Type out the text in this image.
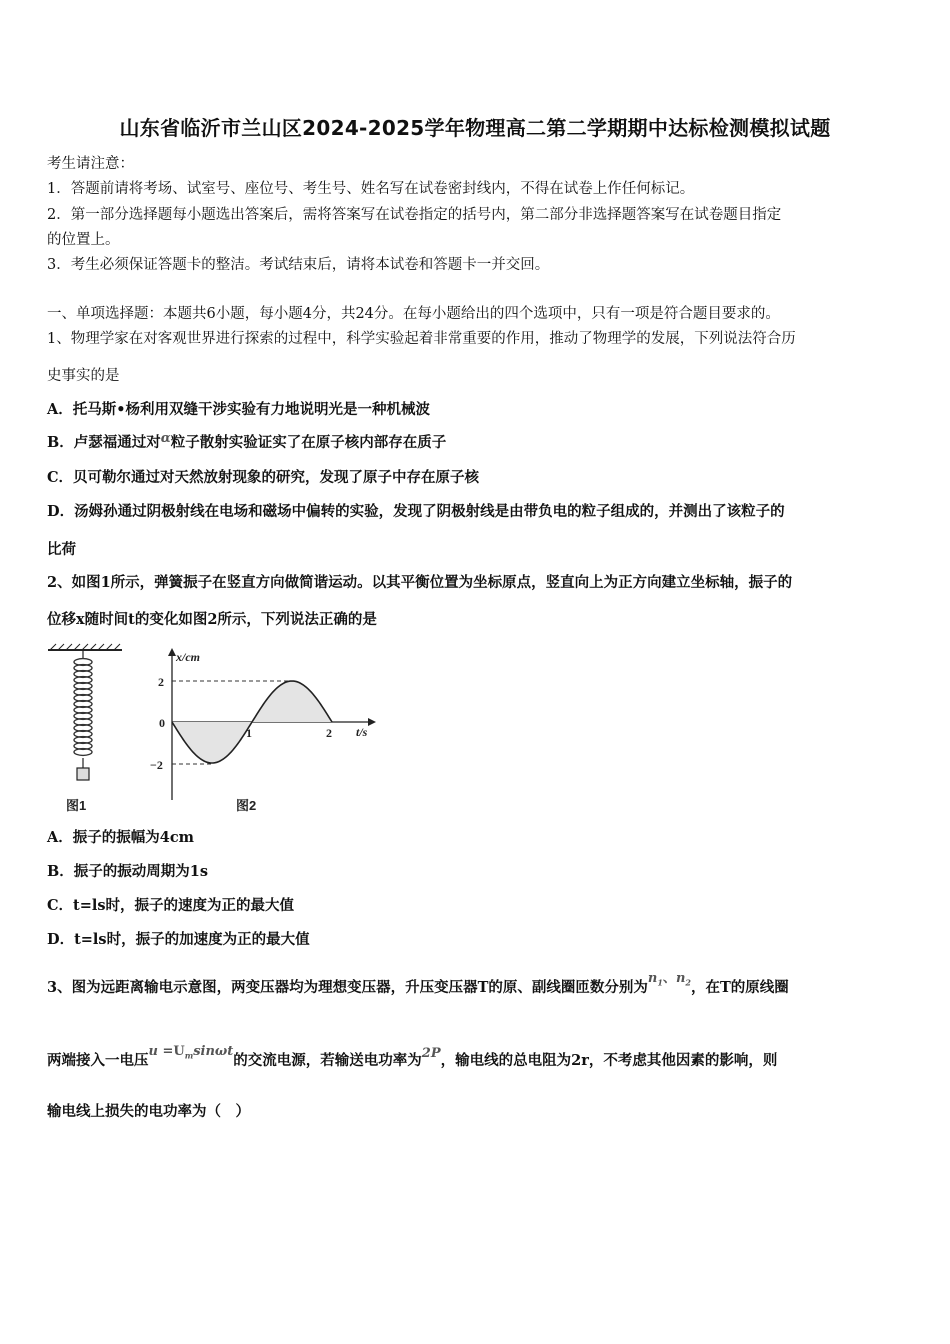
山东省临沂市兰山区2024-2025学年物理高二第二学期期中达标检测模拟试题
考生请注意：
1．答题前请将考场、试室号、座位号、考生号、姓名写在试卷密封线内，不得在试卷上作任何标记。
2．第一部分选择题每小题选出答案后，需将答案写在试卷指定的括号内，第二部分非选择题答案写在试卷题目指定
的位置上。
3．考生必须保证答题卡的整洁。考试结束后，请将本试卷和答题卡一并交回。
一、单项选择题：本题共6小题，每小题4分，共24分。在每小题给出的四个选项中，只有一项是符合题目要求的。
1、物理学家在对客观世界进行探索的过程中，科学实验起着非常重要的作用，推动了物理学的发展，下列说法符合历
史事实的是
A．托马斯•杨利用双缝干涉实验有力地说明光是一种机械波
B．卢瑟福通过对α粒子散射实验证实了在原子核内部存在质子
C．贝可勒尔通过对天然放射现象的研究，发现了原子中存在原子核
D．汤姆孙通过阴极射线在电场和磁场中偏转的实验，发现了阴极射线是由带负电的粒子组成的，并测出了该粒子的
比荷
2、如图1所示，弹簧振子在竖直方向做简谐运动。以其平衡位置为坐标原点，竖直向上为正方向建立坐标轴，振子的
位移x随时间t的变化如图2所示，下列说法正确的是
图1
x/cm
t/s
2
0
−2
1	2
图2
A．振子的振幅为4cm
B．振子的振动周期为1s
C．t=ls时，振子的速度为正的最大值
D．t=ls时，振子的加速度为正的最大值
3、图为远距离输电示意图，两变压器均为理想变压器，升压变压器T的原、副线圈匝数分别为$n_1$、$n_2$，在T的原线圈
两端接入一电压$u =U_m\sin\omega t$的交流电源，若输送电功率为2P，输电线的总电阻为2r，不考虑其他因素的影响，则
输电线上损失的电功率为（　）
